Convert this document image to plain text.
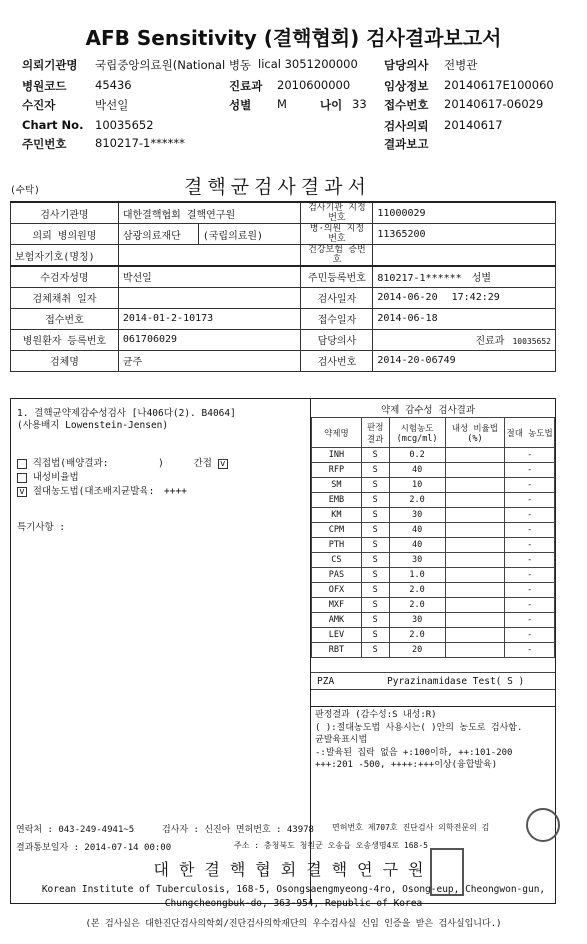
AFB Sensitivity (결핵협회) 검사결과보고서
의뢰기관명 국립중앙의료원(National 병동 lical 3051200000 담당의사 전병관
병원코드 45436	진료과 2010600000	임상정보 20140617E100060
수진자	박선일	성별 M	나이 33 접수번호 20140617-06029
Chart No. 10035652	검사의뢰 20140617
주민번호 810217-1******	결과보고
(수탁)	결핵균검사결과서
검사기관명	대한결핵협회 결핵연구원		검사기관 지정번호	11000029
의뢰 병의원명	삼광의료재단	(국립의료원)	병·의원 지정번호	11365200
보험자기호(명칭)			건강보험 증번호	
수검자성명	박선일		주민등록번호	810217-1****** 성별
검체채취 일자			검사일자	2014-06-20 17:42:29
접수번호	2014-01-2-10173		접수일자	2014-06-18
병원환자 등록번호	061706029		담당의사	진료과 10035652
검체명	균주		검사번호	2014-20-06749
1. 결핵균약제감수성검사 [나406다(2). B4064]
(사용배지 Lowenstein-Jensen)
직접법(배양결과:	)	간접 v
내성비율법
v 절대농도법(대조배지균발육: ++++
특기사항 :
약제 감수성 검사결과
약제명	판정 결과	시험농도 (mcg/ml)	내성 비율법(%)	절대 농도법
INH	S	0.2		-
RFP	S	40		-
SM	S	10		-
EMB	S	2.0		-
KM	S	30		-
CPM	S	40		-
PTH	S	40		-
CS	S	30		-
PAS	S	1.0		-
OFX	S	2.0		-
MXF	S	2.0		-
AMK	S	30		-
LEV	S	2.0		-
RBT	S	20		-
PZA	Pyrazinamidase Test( S )
판정결과 (감수성:S 내성:R)
( ):절대농도법 사용시는( )안의 농도로 검사함.
균발육표시법
-:발육된 집락 없음 +:100이하, ++:101-200
+++:201 -500, ++++:+++이상(융합발육)
연락처 : 043-249-4941~5	검사자 : 신진아 면허번호 : 43978 면허번호 제707호 진단검사 의학전문의 김
결과통보일자 : 2014-07-14 00:00	주소 : 충청북도 청원군 오송읍 오송생명4로 168-5
대한결핵협회결핵연구원
Korean Institute of Tuberculosis, 168-5, Osongsaengmyeong-4ro, Osong-eup, Cheongwon-gun,
Chungcheongbuk-do, 363-954, Republic of Korea
(본 검사실은 대한진단검사의학회/진단검사의학재단의 우수검사실 신임 인증을 받은 검사실입니다.)
